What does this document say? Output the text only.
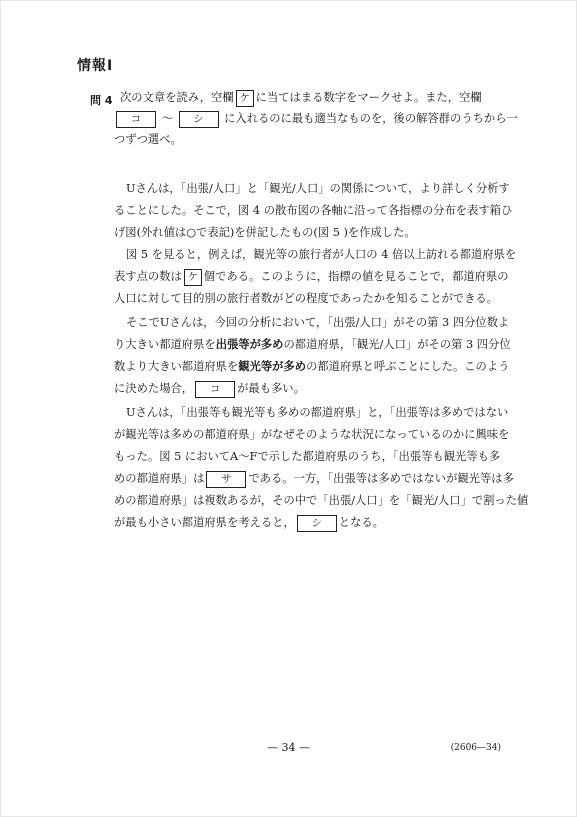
情報Ⅰ
問 4 次の文章を読み，空欄 ケ に当てはまる数字をマークせよ。また，空欄
コ 〜 シ に入れるのに最も適当なものを，後の解答群のうちから一
つずつ選べ。
Uさんは，「出張/人口」と「観光/人口」の関係について，より詳しく分析す
ることにした。そこで，図 4 の散布図の各軸に沿って各指標の分布を表す箱ひ
げ図(外れ値は○で表記)を併記したもの(図 5 )を作成した。
図 5 を見ると，例えば，観光等の旅行者が人口の 4 倍以上訪れる都道府県を
表す点の数は ケ 個である。このように，指標の値を見ることで，都道府県の
人口に対して目的別の旅行者数がどの程度であったかを知ることができる。
そこでUさんは，今回の分析において，「出張/人口」がその第 3 四分位数よ
り大きい都道府県を出張等が多めの都道府県，「観光/人口」がその第 3 四分位
数より大きい都道府県を観光等が多めの都道府県と呼ぶことにした。このよう
に決めた場合， コ が最も多い。
Uさんは，「出張等も観光等も多めの都道府県」と，「出張等は多めではない
が観光等は多めの都道府県」がなぜそのような状況になっているのかに興味を
もった。図 5 においてA〜Fで示した都道府県のうち，「出張等も観光等も多
めの都道府県」は サ である。一方，「出張等は多めではないが観光等は多
めの都道府県」は複数あるが，その中で「出張/人口」を「観光/人口」で割った値
が最も小さい都道府県を考えると， シ となる。
— 34 —	(2606—34)
